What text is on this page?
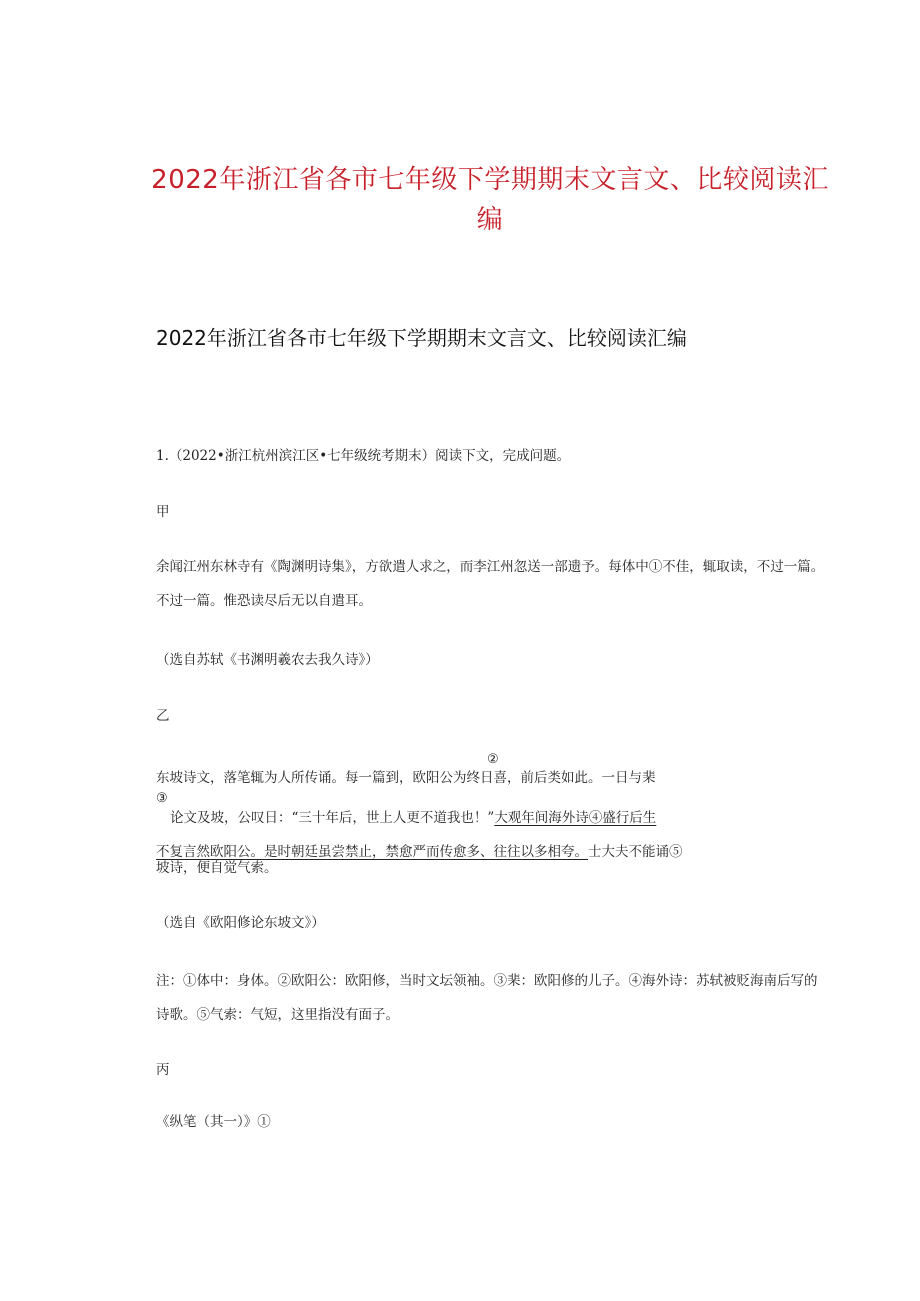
2022年浙江省各市七年级下学期期末文言文、比较阅读汇编
2022年浙江省各市七年级下学期期末文言文、比较阅读汇编
1.（2022•浙江杭州滨江区•七年级统考期末）阅读下文，完成问题。
甲
余闻江州东林寺有《陶渊明诗集》，方欲遣人求之，而李江州忽送一部遗予。每体中①不佳，辄取读，不过一篇。不过一篇。惟恐读尽后无以自遣耳。
（选自苏轼《书渊明羲农去我久诗》）
乙
②
东坡诗文，落笔辄为人所传诵。每一篇到，欧阳公为终日喜，前后类如此。一日与棐
③
论文及坡，公叹日：“三十年后，世上人更不道我也！”大观年间海外诗④盛行后生
不复言然欧阳公。是时朝廷虽尝禁止，禁愈严而传愈多、往往以多相夸。士大夫不能诵⑤
坡诗，便自觉气索。
（选自《欧阳修论东坡文》）
注：①体中：身体。②欧阳公：欧阳修，当时文坛领袖。③棐：欧阳修的儿子。④海外诗：苏轼被贬海南后写的诗歌。⑤气索：气短，这里指没有面子。
丙
《纵笔（其一）》①
